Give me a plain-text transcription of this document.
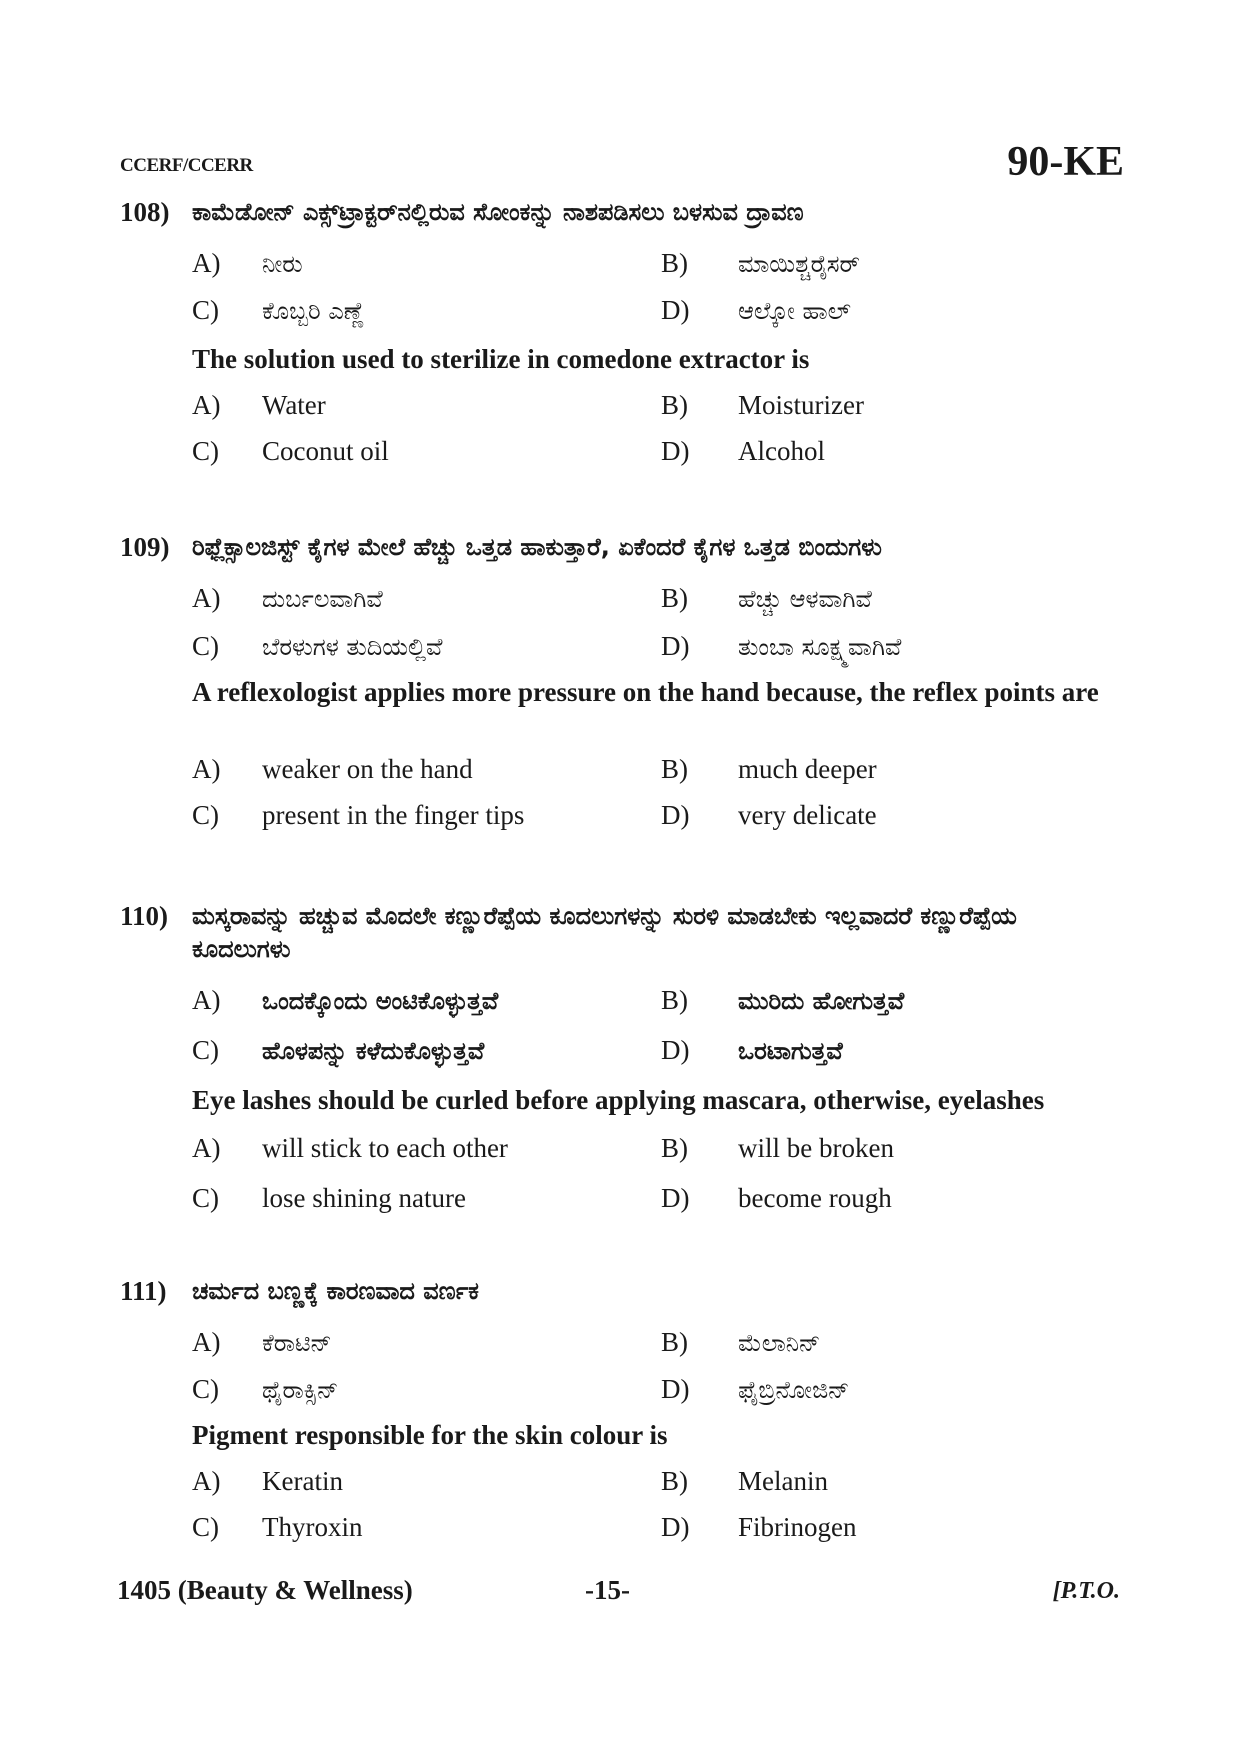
CCERF/CCERR	90-KE
108) ಕಾಮೆಡೋನ್ ಎಕ್ಸ್‌ಟ್ರಾಕ್ಟರ್‌ನಲ್ಲಿರುವ ಸೋಂಕನ್ನು ನಾಶಪಡಿಸಲು ಬಳಸುವ ದ್ರಾವಣ
A) ನೀರು	B) ಮಾಯಿಶ್ಚರೈಸರ್
C) ಕೊಬ್ಬರಿ ಎಣ್ಣೆ	D) ಆಲ್ಕೋ ಹಾಲ್
The solution used to sterilize in comedone extractor is
A) Water	B) Moisturizer
C) Coconut oil	D) Alcohol
109) ರಿಫ್ಲೆಕ್ಸಾಲಜಿಸ್ಟ್ ಕೈಗಳ ಮೇಲೆ ಹೆಚ್ಚು ಒತ್ತಡ ಹಾಕುತ್ತಾರೆ, ಏಕೆಂದರೆ ಕೈಗಳ ಒತ್ತಡ ಬಿಂದುಗಳು
A) ದುರ್ಬಲವಾಗಿವೆ	B) ಹೆಚ್ಚು ಆಳವಾಗಿವೆ
C) ಬೆರಳುಗಳ ತುದಿಯಲ್ಲಿವೆ	D) ತುಂಬಾ ಸೂಕ್ಷ್ಮವಾಗಿವೆ
A reflexologist applies more pressure on the hand because, the reflex points are
A) weaker on the hand	B) much deeper
C) present in the finger tips	D) very delicate
110) ಮಸ್ಕರಾವನ್ನು ಹಚ್ಚುವ ಮೊದಲೇ ಕಣ್ಣುರೆಪ್ಪೆಯ ಕೂದಲುಗಳನ್ನು ಸುರಳಿ ಮಾಡಬೇಕು ಇಲ್ಲವಾದರೆ ಕಣ್ಣುರೆಪ್ಪೆಯ ಕೂದಲುಗಳು
A) ಒಂದಕ್ಕೊಂದು ಅಂಟಿಕೊಳ್ಳುತ್ತವೆ	B) ಮುರಿದು ಹೋಗುತ್ತವೆ
C) ಹೊಳಪನ್ನು ಕಳೆದುಕೊಳ್ಳುತ್ತವೆ	D) ಒರಟಾಗುತ್ತವೆ
Eye lashes should be curled before applying mascara, otherwise, eyelashes
A) will stick to each other	B) will be broken
C) lose shining nature	D) become rough
111) ಚರ್ಮದ ಬಣ್ಣಕ್ಕೆ ಕಾರಣವಾದ ವರ್ಣಕ
A) ಕೆರಾಟಿನ್	B) ಮೆಲಾನಿನ್
C) ಥೈರಾಕ್ಸಿನ್	D) ಫೈಬ್ರಿನೋಜಿನ್
Pigment responsible for the skin colour is
A) Keratin	B) Melanin
C) Thyroxin	D) Fibrinogen
1405 (Beauty & Wellness)	-15-	[P.T.O.
